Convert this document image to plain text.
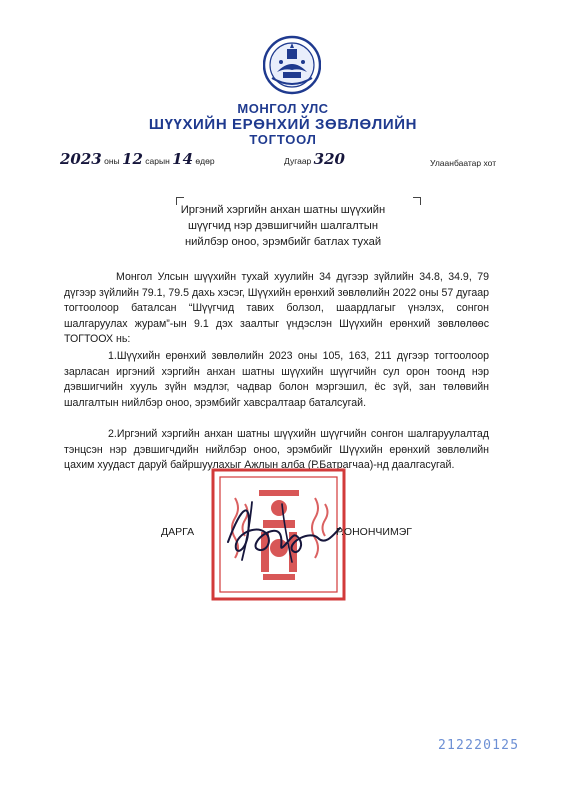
МОНГОЛ УЛС
ШҮҮХИЙН ЕРӨНХИЙ ЗӨВЛӨЛИЙН
ТОГТООЛ
2023 оны 12 сарын 14 өдөр	Дугаар 320	Улаанбаатар хот
Иргэний хэргийн анхан шатны шүүхийн
шүүгчид нэр дэвшигчийн шалгалтын
нийлбэр оноо, эрэмбийг батлах тухай
Монгол Улсын шүүхийн тухай хуулийн 34 дүгээр зүйлийн 34.8, 34.9, 79 дүгээр зүйлийн 79.1, 79.5 дахь хэсэг, Шүүхийн ерөнхий зөвлөлийн 2022 оны 57 дугаар тогтоолоор баталсан “Шүүгчид тавих болзол, шаардлагыг үнэлэх, сонгон шалгаруулах журам”-ын 9.1 дэх заалтыг үндэслэн Шүүхийн ерөнхий зөвлөлөөс ТОГТООХ нь:
1.Шүүхийн ерөнхий зөвлөлийн 2023 оны 105, 163, 211 дүгээр тогтоолоор зарласан иргэний хэргийн анхан шатны шүүхийн шүүгчийн сул орон тоонд нэр дэвшигчийн хууль зүйн мэдлэг, чадвар болон мэргэшил, ёс зүй, зан төлөвийн шалгалтын нийлбэр оноо, эрэмбийг хавсралтаар баталсугай.
2.Иргэний хэргийн анхан шатны шүүхийн шүүгчийн сонгон шалгаруулалтад тэнцсэн нэр дэвшигчдийн нийлбэр оноо, эрэмбийг Шүүхийн ерөнхий зөвлөлийн цахим хуудаст даруй байршуулахыг Ажлын алба (Р.Батрагчаа)-нд даалгасугай.
ДАРГА	Р.ОНОНЧИМЭГ
212220125
